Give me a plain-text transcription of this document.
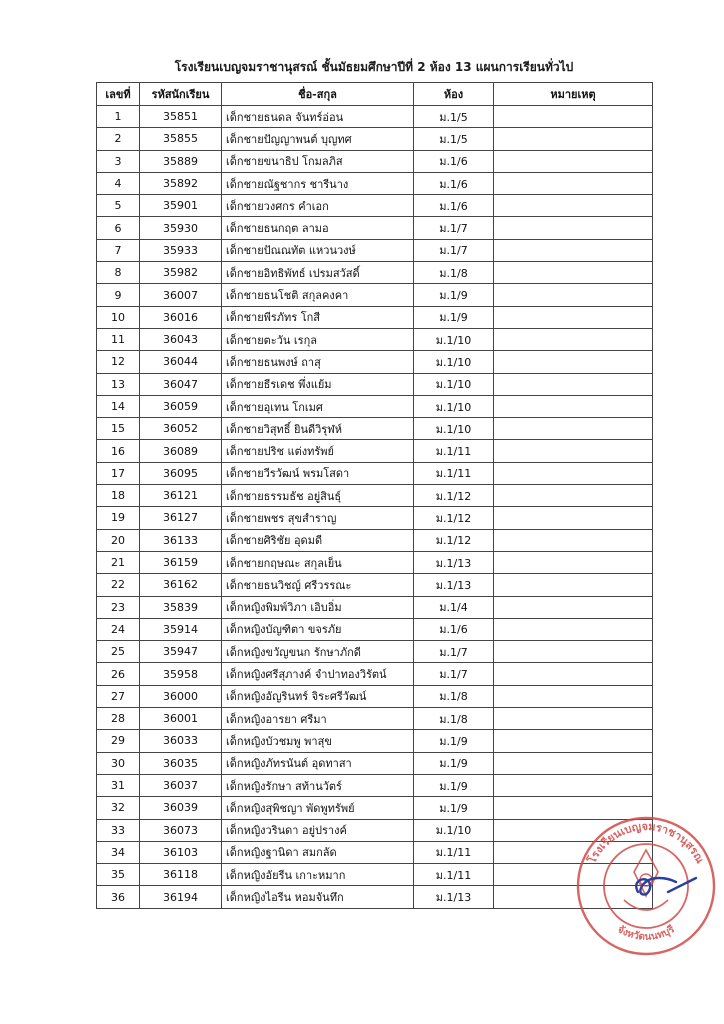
โรงเรียนเบญจมราชานุสรณ์ ชั้นมัธยมศึกษาปีที่ 2 ห้อง 13 แผนการเรียนทั่วไป
เลขที่	รหัสนักเรียน	ชื่อ-สกุล	ห้อง	หมายเหตุ
1	35851	เด็กชายธนดล จันทร์อ่อน	ม.1/5	
2	35855	เด็กชายปัญญาพนต์ บุญทศ	ม.1/5	
3	35889	เด็กชายขนาธิป โกมลภิส	ม.1/6	
4	35892	เด็กชายณัฐชากร ชารีนาง	ม.1/6	
5	35901	เด็กชายวงศกร คำเอก	ม.1/6	
6	35930	เด็กชายธนกฤต ลามอ	ม.1/7	
7	35933	เด็กชายปัณณทัต แหวนวงษ์	ม.1/7	
8	35982	เด็กชายอิทธิพัทธ์ เปรมสวัสดิ์	ม.1/8	
9	36007	เด็กชายธนโชติ สกุลคงคา	ม.1/9	
10	36016	เด็กชายพีรภัทร โกสี	ม.1/9	
11	36043	เด็กชายตะวัน เรกุล	ม.1/10	
12	36044	เด็กชายธนพงษ์ ถาสุ	ม.1/10	
13	36047	เด็กชายธีรเดช พึ่งแย้ม	ม.1/10	
14	36059	เด็กชายอุเทน โกเมศ	ม.1/10	
15	36052	เด็กชายวิสุทธิ์ ยินดีวิรุฬห์	ม.1/10	
16	36089	เด็กชายปริช แต่งทรัพย์	ม.1/11	
17	36095	เด็กชายวีรวัฒน์ พรมโสดา	ม.1/11	
18	36121	เด็กชายธรรมธัช อยู่สินธุ์	ม.1/12	
19	36127	เด็กชายพชร สุขสำราญ	ม.1/12	
20	36133	เด็กชายศิริชัย อุดมดี	ม.1/12	
21	36159	เด็กชายกฤษณะ สกุลเย็น	ม.1/13	
22	36162	เด็กชายธนวิชญ์ ศรีวรรณะ	ม.1/13	
23	35839	เด็กหญิงพิมพ์วิภา เอิบอิ่ม	ม.1/4	
24	35914	เด็กหญิงบัญฑิตา ขจรภัย	ม.1/6	
25	35947	เด็กหญิงขวัญขนก รักษาภักดี	ม.1/7	
26	35958	เด็กหญิงศรีสุภางค์ จำปาทองวิรัตน์	ม.1/7	
27	36000	เด็กหญิงอัญรินทร์ จิระศรีวัฒน์	ม.1/8	
28	36001	เด็กหญิงอารยา ศรีมา	ม.1/8	
29	36033	เด็กหญิงบัวชมพู พาสุข	ม.1/9	
30	36035	เด็กหญิงภัทรนันต์ อุดทาสา	ม.1/9	
31	36037	เด็กหญิงรักษา สท้านวัตร์	ม.1/9	
32	36039	เด็กหญิงสุพิชญา พัดพูทรัพย์	ม.1/9	
33	36073	เด็กหญิงวรินดา อยู่ปรางค์	ม.1/10	
34	36103	เด็กหญิงฐานิดา สมกลัด	ม.1/11	
35	36118	เด็กหญิงอัยรีน เกาะหมาก	ม.1/11	
36	36194	เด็กหญิงไอรีน หอมจันทึก	ม.1/13	
โรงเรียนเบญจมราชานุสรณ
จังหวัดนนทบุรี
